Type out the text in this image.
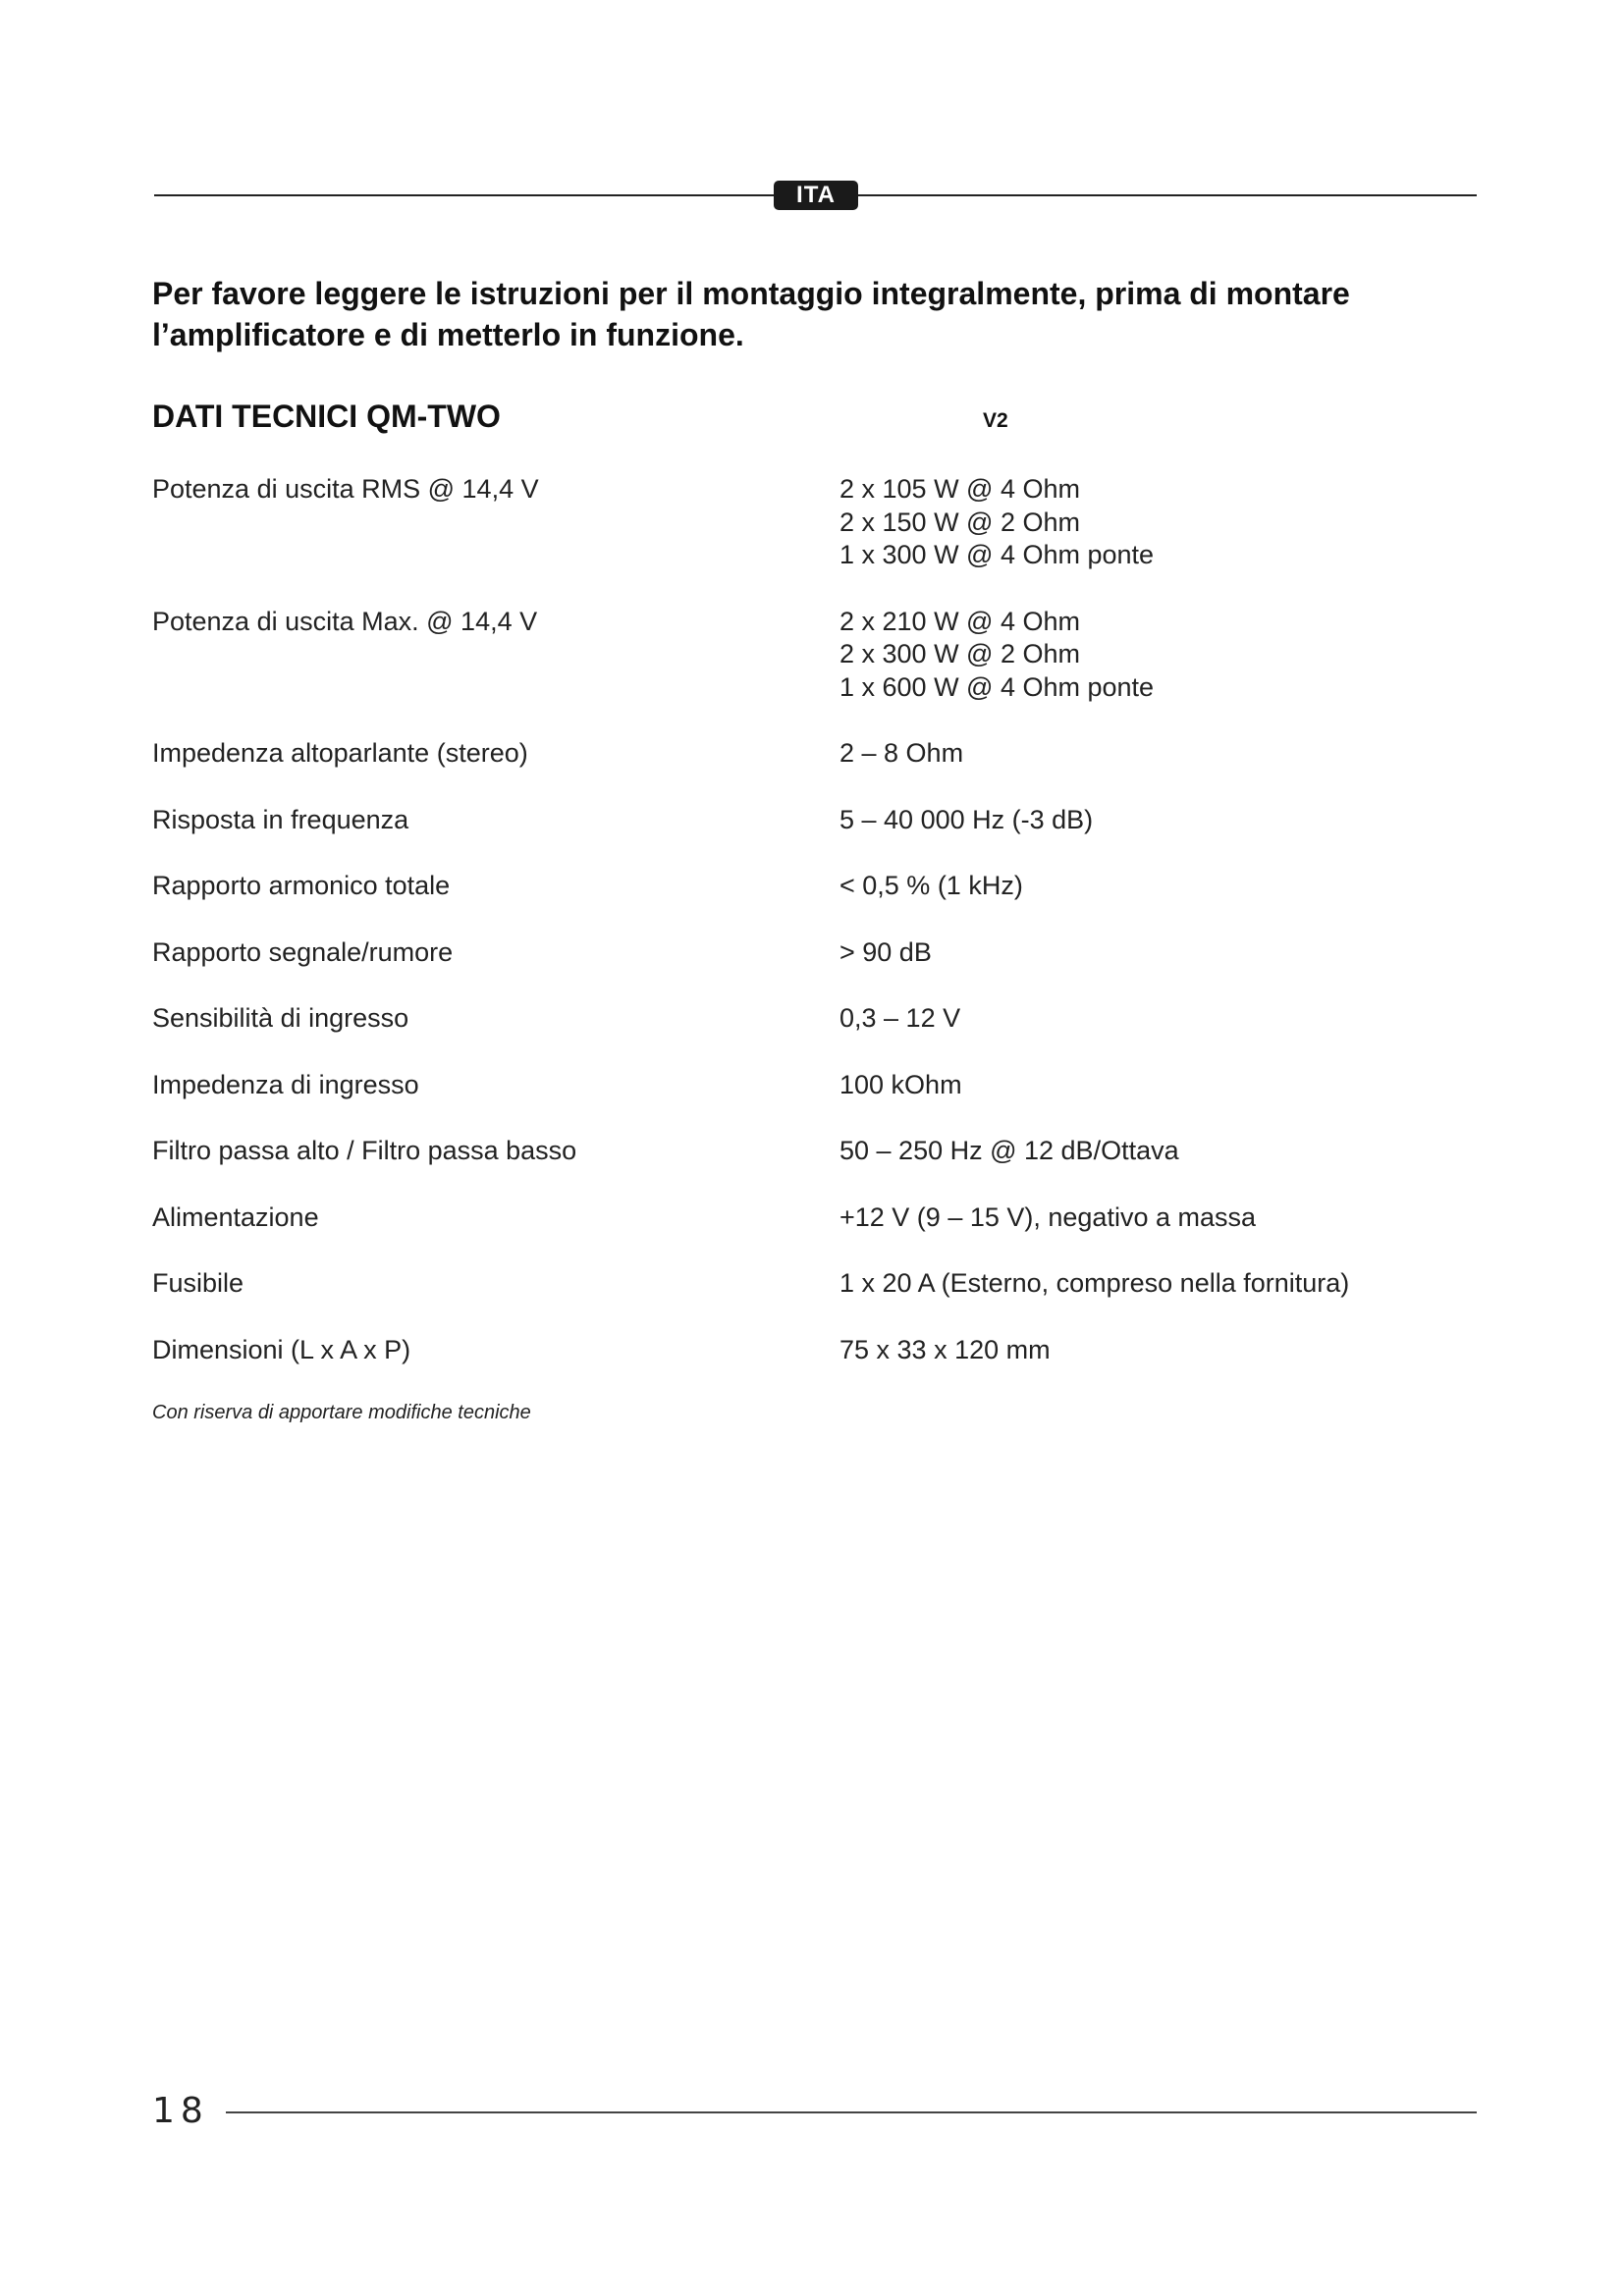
ITA
Per favore leggere le istruzioni per il montaggio integralmente, prima di montare l’amplificatore e di metterlo in funzione.
DATI TECNICI QM-TWO	V2
Potenza di uscita RMS @ 14,4 V	2 x 105 W @ 4 Ohm
2 x 150 W @ 2 Ohm
1 x 300 W @ 4 Ohm ponte
Potenza di uscita Max. @ 14,4 V	2 x 210 W @ 4 Ohm
2 x 300 W @ 2 Ohm
1 x 600 W @ 4 Ohm ponte
Impedenza altoparlante (stereo)	2 – 8 Ohm
Risposta in frequenza	5 – 40 000 Hz (-3 dB)
Rapporto armonico totale	< 0,5 % (1 kHz)
Rapporto segnale/rumore	> 90 dB
Sensibilità di ingresso	0,3 – 12 V
Impedenza di ingresso	100 kOhm
Filtro passa alto / Filtro passa basso	50 – 250 Hz @ 12 dB/Ottava
Alimentazione	+12 V (9 – 15 V), negativo a massa
Fusibile	1 x 20 A (Esterno, compreso nella fornitura)
Dimensioni (L x A x P)	75 x 33 x 120 mm
Con riserva di apportare modifiche tecniche
18
